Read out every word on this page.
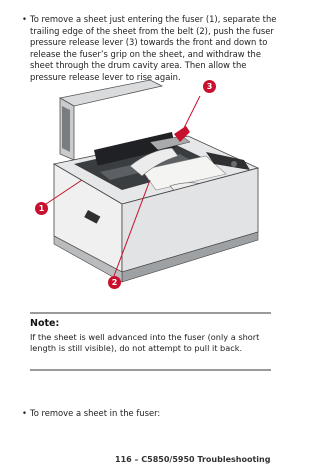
• To remove a sheet just entering the fuser (1), separate the trailing edge of the sheet from the belt (2), push the fuser pressure release lever (3) towards the front and down to release the fuser’s grip on the sheet, and withdraw the sheet through the drum cavity area. Then allow the pressure release lever to rise again.
1
2
3
Note:
If the sheet is well advanced into the fuser (only a short length is still visible), do not attempt to pull it back.
• To remove a sheet in the fuser:
116 – C5850/5950 Troubleshooting
